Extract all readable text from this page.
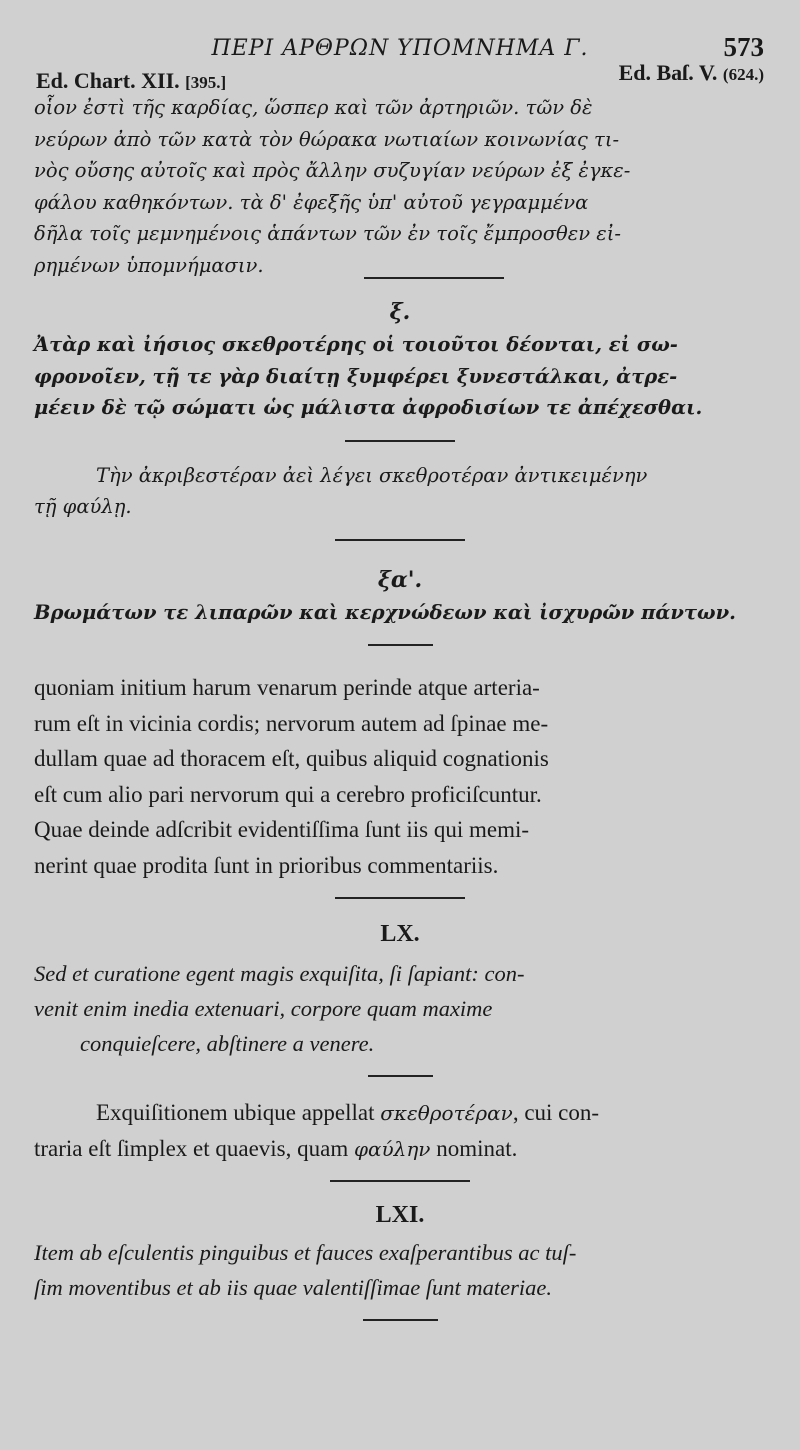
ΠΕΡΙ ΑΡΘΡΩΝ ΥΠΟΜΝΗΜΑ Γ.	573
Ed. Chart. XII. [395.]	Ed. Baſ. V. (624.)
οἷον ἐστὶ τῆς καρδίας, ὥσπερ καὶ τῶν ἀρτηριῶν. τῶν δὲ
νεύρων ἀπὸ τῶν κατὰ τὸν θώρακα νωτιαίων κοινωνίας τι-
νὸς οὔσης αὐτοῖς καὶ πρὸς ἄλλην συζυγίαν νεύρων ἐξ ἐγκε-
φάλου καθηκόντων. τὰ δ' ἐφεξῆς ὑπ' αὐτοῦ γεγραμμένα
δῆλα τοῖς μεμνημένοις ἁπάντων τῶν ἐν τοῖς ἔμπροσθεν εἰ-
ρημένων ὑπομνήμασιν.
ξ.
Ἀτὰρ καὶ ἰήσιος σκεθροτέρης οἱ τοιοῦτοι δέονται, εἰ σω-
φρονοῖεν, τῇ τε γὰρ διαίτῃ ξυμφέρει ξυνεστάλκαι, ἀτρε-
μέειν δὲ τῷ σώματι ὡς μάλιστα ἀφροδισίων τε ἀπέχεσθαι.
Τὴν ἀκριβεστέραν ἀεὶ λέγει σκεθροτέραν ἀντικειμένην
τῇ φαύλῃ.
ξα'.
Βρωμάτων τε λιπαρῶν καὶ κερχνώδεων καὶ ἰσχυρῶν πάντων.
quoniam initium harum venarum perinde atque arteria-
rum eſt in vicinia cordis; nervorum autem ad ſpinae me-
dullam quae ad thoracem eſt, quibus aliquid cognationis
eſt cum alio pari nervorum qui a cerebro proficiſcuntur.
Quae deinde adſcribit evidentiſſima ſunt iis qui memi-
nerint quae prodita ſunt in prioribus commentariis.
LX.
Sed et curatione egent magis exquiſita, ſi ſapiant: con-
venit enim inedia extenuari, corpore quam maxime
conquieſcere, abſtinere a venere.
Exquiſitionem ubique appellat σκεθροτέραν, cui con-
traria eſt ſimplex et quaevis, quam φαύλην nominat.
LXI.
Item ab eſculentis pinguibus et fauces exaſperantibus ac tuſ-
ſim moventibus et ab iis quae valentiſſimae ſunt materiae.
